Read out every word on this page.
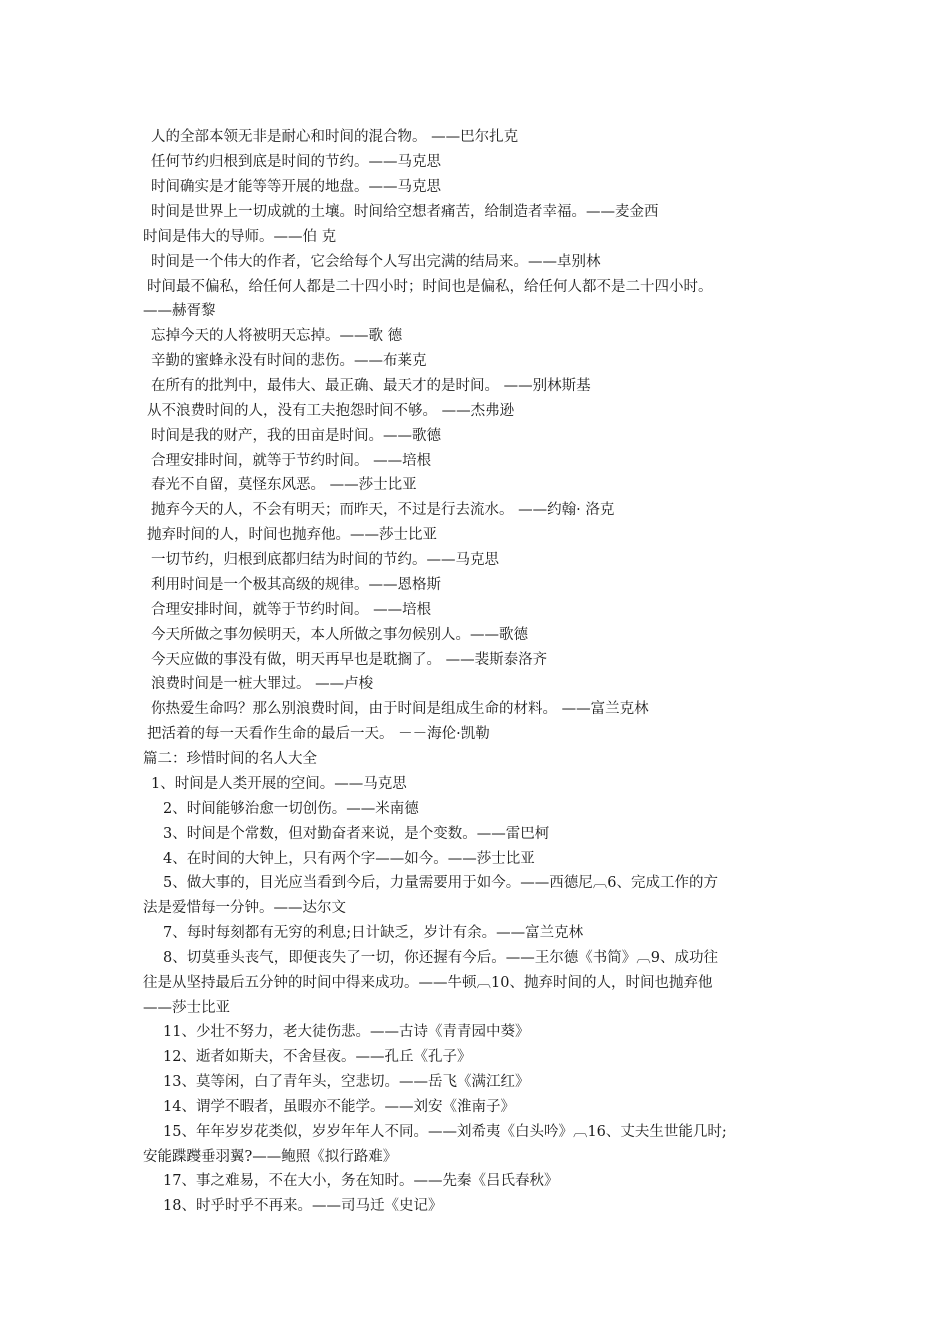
人的全部本领无非是耐心和时间的混合物。 ——巴尔扎克
任何节约归根到底是时间的节约。——马克思
时间确实是才能等等开展的地盘。——马克思
时间是世界上一切成就的土壤。时间给空想者痛苦，给制造者幸福。——麦金西
时间是伟大的导师。——伯 克
时间是一个伟大的作者，它会给每个人写出完满的结局来。——卓别林
时间最不偏私，给任何人都是二十四小时；时间也是偏私，给任何人都不是二十四小时。
——赫胥黎
忘掉今天的人将被明天忘掉。——歌 德
辛勤的蜜蜂永没有时间的悲伤。——布莱克
在所有的批判中，最伟大、最正确、最天才的是时间。 ——别林斯基
从不浪费时间的人，没有工夫抱怨时间不够。 ——杰弗逊
时间是我的财产，我的田亩是时间。——歌德
合理安排时间，就等于节约时间。 ——培根
春光不自留，莫怪东风恶。 ——莎士比亚
抛弃今天的人，不会有明天；而昨天，不过是行去流水。 ——约翰· 洛克
抛弃时间的人，时间也抛弃他。——莎士比亚
一切节约，归根到底都归结为时间的节约。——马克思
利用时间是一个极其高级的规律。——恩格斯
合理安排时间，就等于节约时间。 ——培根
今天所做之事勿候明天，本人所做之事勿候别人。——歌德
今天应做的事没有做，明天再早也是耽搁了。 ——裴斯泰洛齐
浪费时间是一桩大罪过。 ——卢梭
你热爱生命吗？那么别浪费时间，由于时间是组成生命的材料。 ——富兰克林
把活着的每一天看作生命的最后一天。 －－海伦·凯勒
篇二：珍惜时间的名人大全
1、时间是人类开展的空间。——马克思
2、时间能够治愈一切创伤。——米南德
3、时间是个常数，但对勤奋者来说，是个变数。——雷巴柯
4、在时间的大钟上，只有两个字——如今。——莎士比亚
5、做大事的，目光应当看到今后，力量需要用于如今。——西德尼︹6、完成工作的方
法是爱惜每一分钟。——达尔文
7、每时每刻都有无穷的利息;日计缺乏，岁计有余。——富兰克林
8、切莫垂头丧气，即便丧失了一切，你还握有今后。——王尔德《书简》︹9、成功往
往是从坚持最后五分钟的时间中得来成功。——牛顿︹10、抛弃时间的人，时间也抛弃他
——莎士比亚
11、少壮不努力，老大徒伤悲。——古诗《青青园中葵》
12、逝者如斯夫，不舍昼夜。——孔丘《孔子》
13、莫等闲，白了青年头，空悲切。——岳飞《满江红》
14、谓学不暇者，虽暇亦不能学。——刘安《淮南子》
15、年年岁岁花类似，岁岁年年人不同。——刘希夷《白头吟》︹16、丈夫生世能几时;
安能蹀躞垂羽翼?——鲍照《拟行路难》
17、事之难易，不在大小，务在知时。——先秦《吕氏春秋》
18、时乎时乎不再来。——司马迁《史记》
